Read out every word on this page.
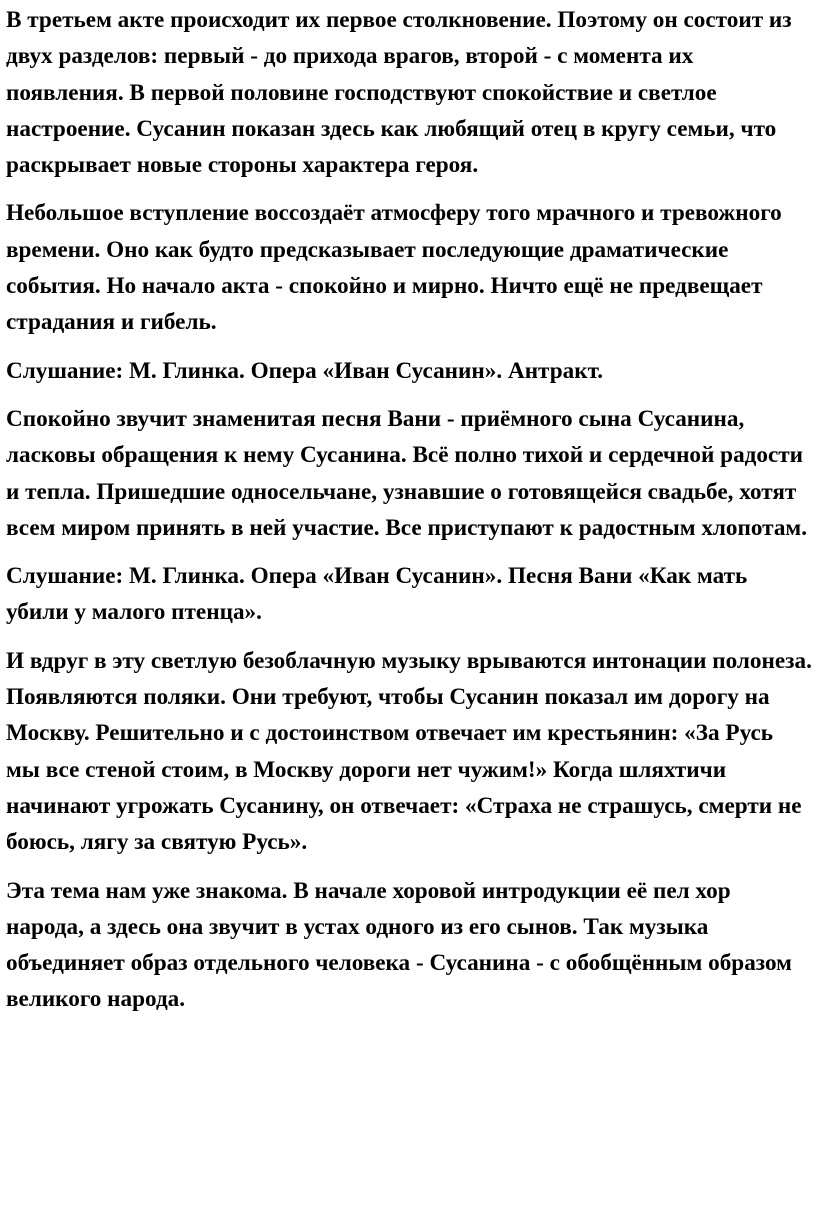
В третьем акте происходит их первое столкновение. Поэтому он состоит из двух разделов: первый - до прихода врагов, второй - с момента их появления. В первой половине господствуют спокойствие и светлое настроение. Сусанин показан здесь как любящий отец в кругу семьи, что раскрывает новые стороны характера героя.

Небольшое вступление воссоздаёт атмосферу того мрачного и тревожного времени. Оно как будто предсказывает последующие драматические события. Но начало акта - спокойно и мирно. Ничто ещё не предвещает страдания и гибель.

Слушание: М. Глинка. Опера «Иван Сусанин». Антракт.

Спокойно звучит знаменитая песня Вани - приёмного сына Сусанина, ласковы обращения к нему Сусанина. Всё полно тихой и сердечной радости и тепла. Пришедшие односельчане, узнавшие о готовящейся свадьбе, хотят всем миром принять в ней участие. Все приступают к радостным хлопотам.

Слушание: М. Глинка. Опера «Иван Сусанин». Песня Вани «Как мать убили у малого птенца».

И вдруг в эту светлую безоблачную музыку врываются интонации полонеза. Появляются поляки. Они требуют, чтобы Сусанин показал им дорогу на Москву. Решительно и с достоинством отвечает им крестьянин: «За Русь мы все стеной стоим, в Москву дороги нет чужим!» Когда шляхтичи начинают угрожать Сусанину, он отвечает: «Страха не страшусь, смерти не боюсь, лягу за святую Русь».

Эта тема нам уже знакома. В начале хоровой интродукции её пел хор народа, а здесь она звучит в устах одного из его сынов. Так музыка объединяет образ отдельного человека - Сусанина - с обобщённым образом великого народа.
